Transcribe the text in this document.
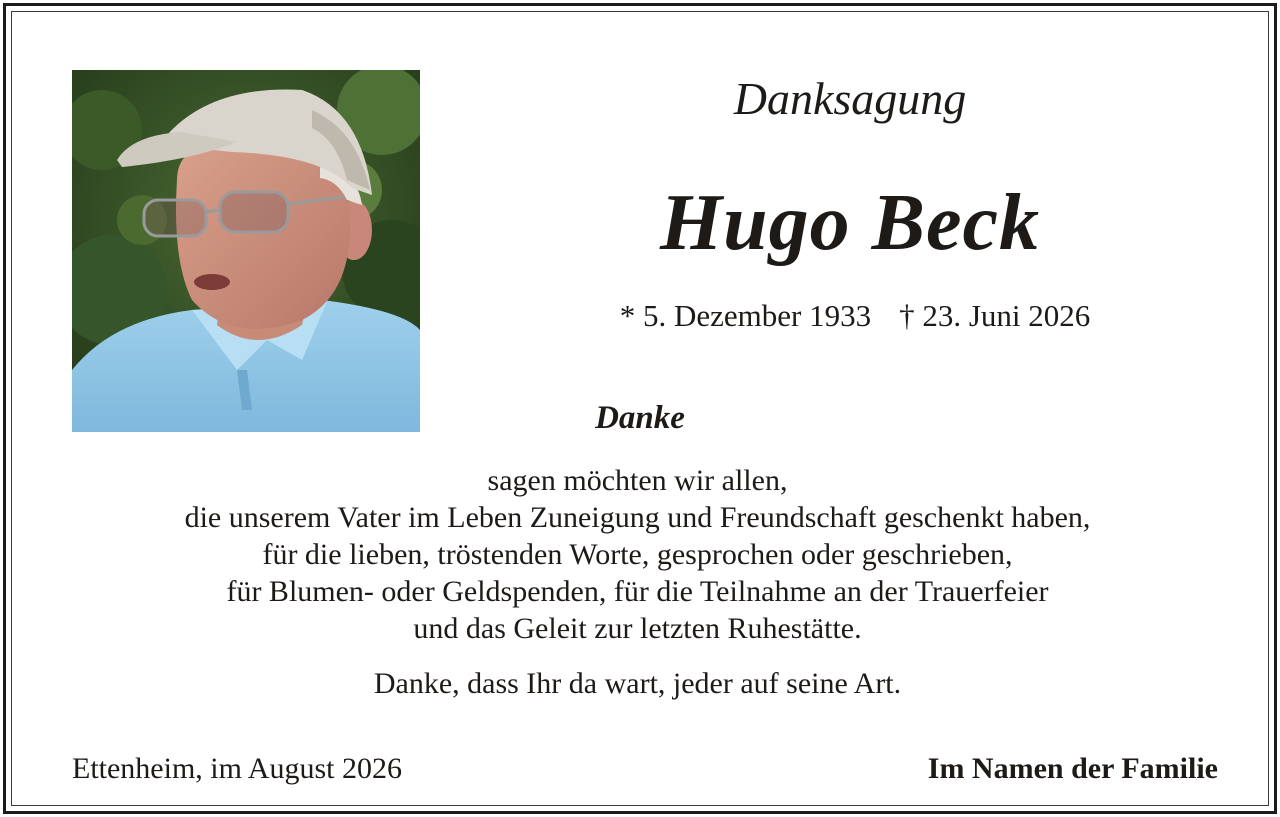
Danksagung
Hugo Beck
* 5. Dezember 1933 † 23. Juni 2026
Danke
sagen möchten wir allen,
die unserem Vater im Leben Zuneigung und Freundschaft geschenkt haben,
für die lieben, tröstenden Worte, gesprochen oder geschrieben,
für Blumen- oder Geldspenden, für die Teilnahme an der Trauerfeier
und das Geleit zur letzten Ruhestätte.
Danke, dass Ihr da wart, jeder auf seine Art.
Ettenheim, im August 2026	Im Namen der Familie
